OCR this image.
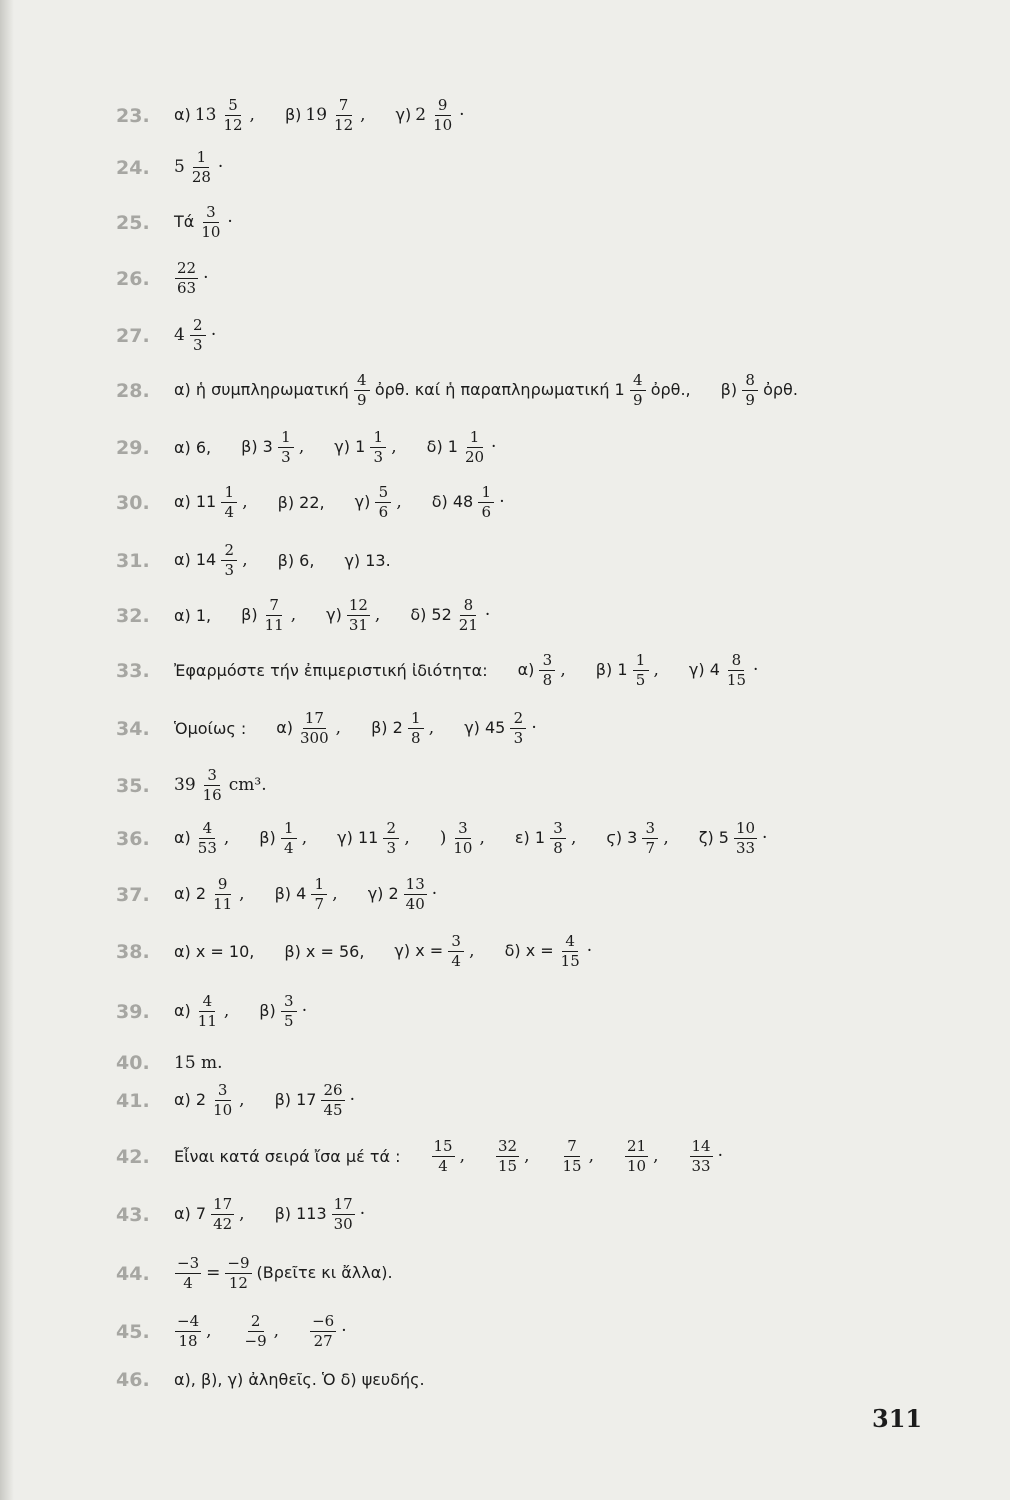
23. α) $13 \frac{5}{12}$ , β) $19 \frac{7}{12}$ , γ) $2 \frac{9}{10}$ ·
24. $5 \frac{1}{28}$ ·
25. Τά $\frac{3}{10}$ ·
26. $\frac{22}{63}$ ·
27. $4 \frac{2}{3}$ ·
28. α) ἡ συμπληρωματική $\frac{4}{9}$ ὀρθ. καί ἡ παραπληρωματική $1 \frac{4}{9}$ ὀρθ., $\beta) \frac{8}{9}$ ὀρθ.
29. α) 6, β) $3 \frac{1}{3}$ , γ) $1 \frac{1}{3}$ , δ) $1 \frac{1}{20}$ ·
30. α) $11 \frac{1}{4}$ , β) 22, $\gamma) \frac{5}{6}$ , δ) $48 \frac{1}{6}$ ·
31. α) $14 \frac{2}{3}$ , β) 6, γ) 13.
32. α) 1, $\beta) \frac{7}{11}$ , $\gamma) \frac{12}{31}$ , δ) $52 \frac{8}{21}$ ·
33. Ἐφαρμόστε τήν ἐπιμεριστική ἰδιότητα: $\alpha) \frac{3}{8}$ , β) $1 \frac{1}{5}$ , γ) $4 \frac{8}{15}$ ·
34. Ὁμοίως : $\alpha) \frac{17}{300}$ , β) $2 \frac{1}{8}$ , γ) $45 \frac{2}{3}$ ·
35. $39 \frac{3}{16} cm^3$.
36. $\alpha) \frac{4}{53}$ , $\beta) \frac{1}{4}$ , γ) $11 \frac{2}{3}$ , ) $\frac{3}{10}$ , ε) $1 \frac{3}{8}$ , ϛ) $3 \frac{3}{7}$ , ζ) $5 \frac{10}{33}$ ·
37. α) $2 \frac{9}{11}$ , β) $4 \frac{1}{7}$ , γ) $2 \frac{13}{40}$ ·
38. α) x = 10, β) x = 56, γ) $x = \frac{3}{4}$ , δ) $x = \frac{4}{15}$ ·
39. $\alpha) \frac{4}{11}$ , $\beta) \frac{3}{5}$ ·
40. 15 m.
41. α) $2 \frac{3}{10}$ , β) $17 \frac{26}{45}$ ·
42. Εἶναι κατά σειρά ἴσα μέ τά : $\frac{15}{4}$ , $\frac{32}{15}$ , $\frac{7}{15}$ , $\frac{21}{10}$ , $\frac{14}{33}$ ·
43. α) $7 \frac{17}{42}$ , β) $113 \frac{17}{30}$ ·
44. $\frac{-3}{4} = \frac{-9}{12}$ (Βρεῖτε κι ἄλλα).
45. $\frac{-4}{18}$ , $\frac{2}{-9}$ , $\frac{-6}{27}$ ·
46. α), β), γ) ἀληθεῖς. Ὁ δ) ψευδής.
311
